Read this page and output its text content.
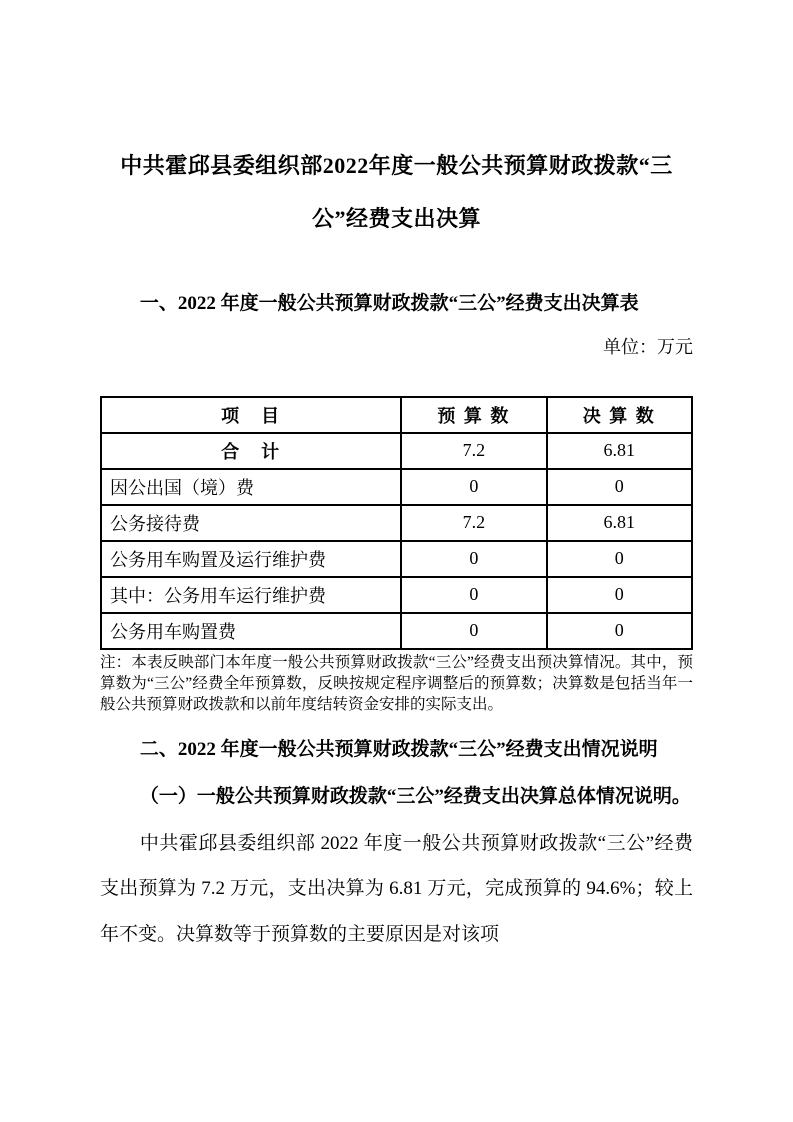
中共霍邱县委组织部2022年度一般公共预算财政拨款“三公”经费支出决算

一、2022 年度一般公共预算财政拨款“三公”经费支出决算表

单位：万元

项　目	预 算 数	决 算 数
合　计	7.2	6.81
因公出国（境）费	0	0
公务接待费	7.2	6.81
公务用车购置及运行维护费	0	0
其中：公务用车运行维护费	0	0
公务用车购置费	0	0

注：本表反映部门本年度一般公共预算财政拨款“三公”经费支出预决算情况。其中，预算数为“三公”经费全年预算数，反映按规定程序调整后的预算数；决算数是包括当年一般公共预算财政拨款和以前年度结转资金安排的实际支出。

二、2022 年度一般公共预算财政拨款“三公”经费支出情况说明

（一）一般公共预算财政拨款“三公”经费支出决算总体情况说明。

中共霍邱县委组织部 2022 年度一般公共预算财政拨款“三公”经费支出预算为 7.2 万元，支出决算为 6.81 万元，完成预算的 94.6%；较上年不变。决算数等于预算数的主要原因是对该项
